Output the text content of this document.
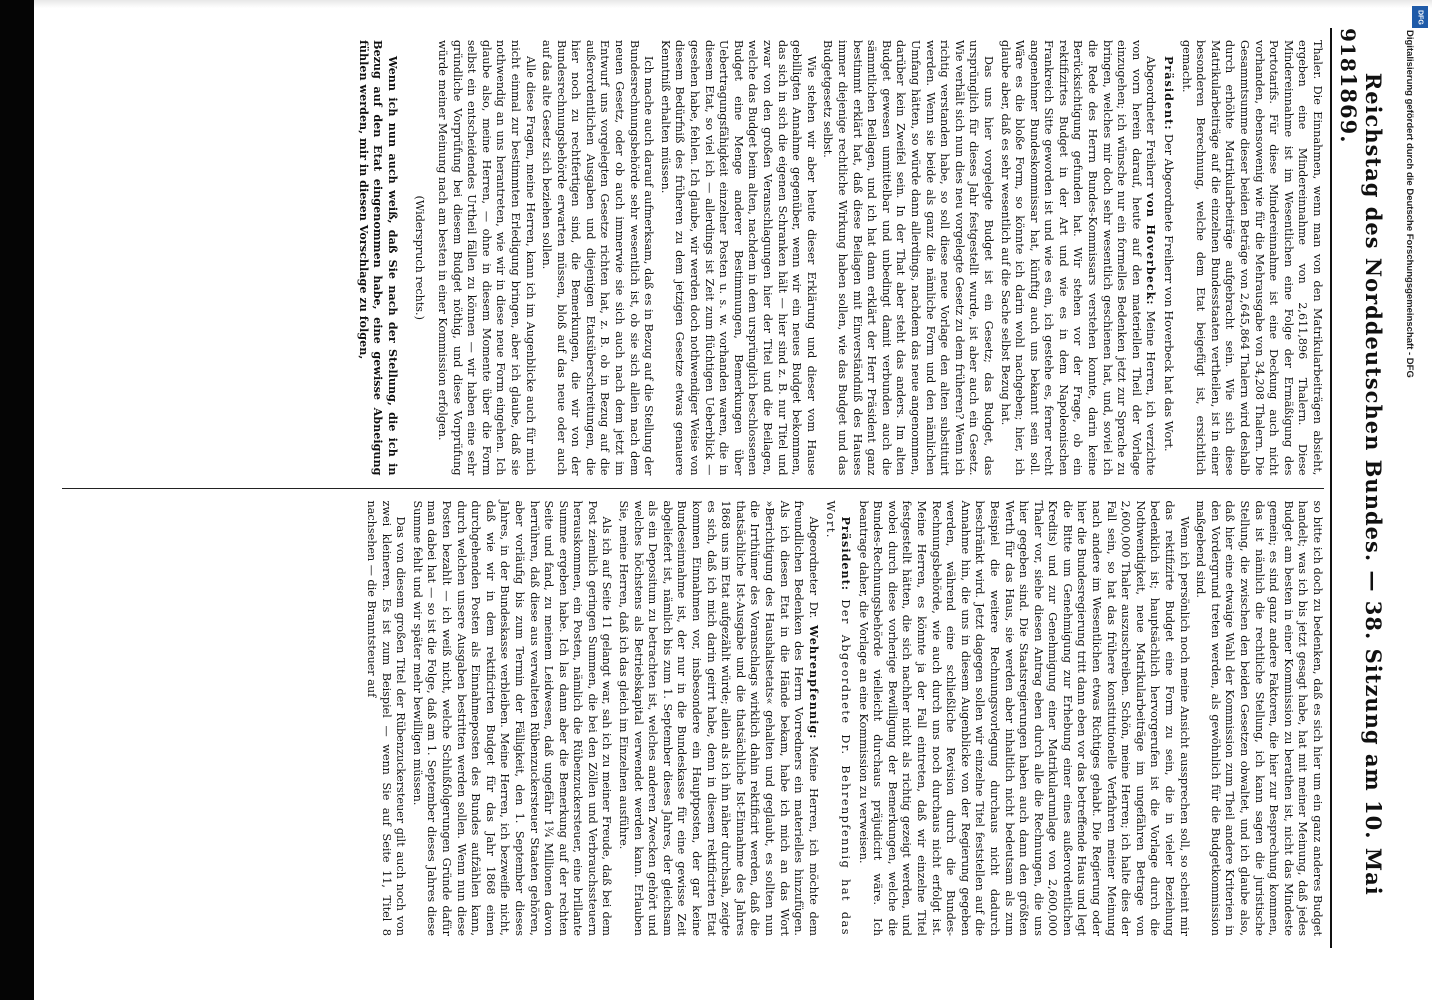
918
Reichstag des Norddeutschen Bundes. — 38. Sitzung am 10. Mai 1869.

Thaler. Die Einnahmen, wenn man von den Matrikularbeiträgen absieht, ergeben eine Mindereinnahme von 2,611,896 Thalern. Diese Mindereinnahme ist im Wesentlichen eine Folge der Ermäßigung des Portotarifs. Für diese Mindereinnahme ist eine Deckung auch nicht vorhanden, ebensowenig wie für die Mehrausgabe von 34,208 Thalern. Die Gesammtsumme dieser beiden Beträge von 2,645,864 Thalern wird deshalb durch erhöhte Matrikularbeiträge aufgebracht sein. Wie sich diese Matrikularbeiträge auf die einzelnen Bundesstaaten vertheilen, ist in einer besonderen Berechnung, welche dem Etat beigefügt ist, ersichtlich gemacht.

Präsident: Der Abgeordnete Freiherr von Hoverbeck hat das Wort.

Abgeordneter Freiherr von Hoverbeck: Meine Herren, ich verzichte von vorn herein darauf, heute auf den materiellen Theil der Vorlage einzugehen; ich wünsche nur ein formelles Bedenken jetzt zur Sprache zu bringen, welches mir doch sehr wesentlich geschienen hat, und, soviel ich die Rede des Herrn Bundes-Kommissars verstehen konnte, darin keine Berücksichtigung gefunden hat. Wir stehen vor der Frage, ob ein rektifizirtes Budget in der Art und wie es in dem Napoleonischen Frankreich Sitte geworden ist und wie es ein, ich gestehe es, ferner recht angenehmer Bundeskommissar hat, künftig auch uns bekannt sein soll. Wäre es die bloße Form, so könnte ich darin wohl nachgeben; hier, ich glaube aber, daß es sehr wesentlich auf die Sache selbst Bezug hat.

Das uns hier vorgelegte Budget ist ein Gesetz; das Budget, das ursprünglich für dieses Jahr festgestellt wurde, ist aber auch ein Gesetz. Wie verhält sich nun dies neu vorgelegte Gesetz zu dem früheren? Wenn ich richtig verstanden habe, so soll diese neue Vorlage den alten substituirt werden. Wenn sie beide als ganz die nämliche Form und den nämlichen Umfang hätten, so würde dann allerdings, nachdem das neue angenommen, darüber kein Zweifel sein. In der That aber steht das anders. Im alten Budget gewesen unmittelbar und unbedingt damit verbunden auch die sämmtlichen Beilagen, und ich hat dann erklärt der Herr Präsident ganz bestimmt erklärt hat, daß diese Beilagen mit Einverständniß des Hauses immer diejenige rechtliche Wirkung haben sollen, wie das Budget und das Budgetgesetz selbst.

Wie stehen wir aber heute dieser Erklärung und dieser vom Hause gebilligten Annahme gegenüber, wenn wir ein neues Budget bekommen, das sich in sich die eigenen Schranken hält — hier sind z. B. nur Titel und zwar von den großen Veranschlagungen hier der Titel und die Beilagen, welche das Budget beim alten, nachdem in dem ursprünglich beschlossenen Budget eine Menge anderer Bestimmungen, Bemerkungen über Uebertragungsfähigkeit einzelner Posten u. s. w. vorhanden waren, die in diesem Etat, so viel ich — allerdings ist Zeit zum flüchtigen Ueberblick — gesehen habe, fehlen. Ich glaube, wir werden doch nothwendiger Weise von diesem Bedürfniß des früheren zu dem jetzigen Gesetze etwas genauere Kenntniß erhalten müssen.

Ich mache auch darauf aufmerksam, daß es in Bezug auf die Stellung der Bundesrechnungsbehörde sehr wesentlich ist, ob sie sich allein nach dem neuen Gesetz, oder ob auch immerwie sie sich auch nach dem jetzt im Entwurf uns vorgelegten Gesetze richten hat, z. B. ob in Bezug auf die außerordentlichen Ausgaben und diejenigen Etatsüberschreitungen, die hier noch zu rechtfertigen sind, die Bemerkungen, die wir von der Bundesrechnungsbehörde erwarten müssen, bloß auf das neue oder auch auf das alte Gesetz sich beziehen sollen.

Alle diese Fragen, meine Herren, kann ich im Augenblicke auch für mich nicht einmal zur bestimmten Erledigung bringen, aber ich glaube, daß sie nothwendig an uns herantreten, wie wir in diese neue Form eingehen. Ich glaube also, meine Herren, — ohne in diesem Momente über die Form selbst ein entscheidendes Urtheil fällen zu können — wir haben eine sehr gründliche Vorprüfung bei diesem Budget nöthig, und diese Vorprüfung würde meiner Meinung nach am besten in einer Kommission erfolgen.

(Widerspruch rechts.)

Wenn ich nun auch weiß, daß Sie nach der Stellung, die ich in Bezug auf den Etat eingenommen habe, eine gewisse Abneigung fühlen werden, mir in diesen Vorschlage zu folgen,

so bitte ich doch zu bedenken, daß es sich hier um ein ganz anderes Budget handelt; was ich bis jetzt gesagt habe, hat mit meiner Meinung, daß jedes Budget am besten in einer Kommission zu berathen ist, nicht das Mindeste gemein; es sind ganz andere Faktoren, die hier zur Besprechung kommen, das ist nämlich die rechtliche Stellung, ich kann sagen die juristische Stellung, die zwischen den beiden Gesetzen obwaltet, und ich glaube also, daß hier eine etwaige Wahl der Kommission zum Theil andere Kriterien in den Vordergrund treten werden, als gewöhnlich für die Budgetkommission maßgebend sind.

Wenn ich persönlich noch meine Ansicht aussprechen soll, so scheint mir das rektifizirte Budget eine Form zu sein, die in vieler Beziehung bedenklich ist; hauptsächlich hervorgerufen ist die Vorlage durch die Nothwendigkeit, neue Matrikularbeiträge im ungefähren Betrage von 2,600,000 Thaler auszuschreiben. Schön, meine Herren; ich halte dies der Fall sein, so hat das frühere konstitutionelle Verfahren meiner Meinung nach andere im Wesentlichen etwas Richtiges gehabt. Die Regierung oder hier die Bundesregierung tritt dann eben vor das betreffende Haus und legt die Bitte um Genehmigung zur Erhebung einer eines außerordentlichen Kredits) und zur Genehmigung einer Matrikularumlage von 2,600,000 Thaler vor, siehe diesen Antrag eben durch alle die Rechnungen, die uns hier gegeben sind. Die Staatsregierungen haben auch dann den größten Werth für das Haus, sie werden aber inhaltlich nicht bedeutsam als zum Beispiel die weitere Rechnungsvorlegung durchaus nicht dadurch beschränkt wird. Jetzt dagegen sollen wir einzelne Titel feststellen auf die Annahme hin, die uns in diesem Augenblicke von der Regierung gegeben werden, während eine schließliche Revision durch die Bundes-Rechnungsbehörde, wie auch durch uns noch durchaus nicht erfolgt ist. Meine Herren, es könnte ja der Fall eintreten, daß wir einzelne Titel festgestellt hätten, die sich nachher nicht als richtig gezeigt werden, und wobei durch diese vorherige Bewilligung der Bemerkungen, welche die Bundes-Rechnungsbehörde vielleicht durchaus präjudicirt wäre. Ich beantrage daher, die Vorlage an eine Kommission zu verweisen.

Präsident: Der Abgeordnete Dr. Behrenpfennig hat das Wort.

Abgeordneter Dr. Wehrenpfennig: Meine Herren, ich möchte dem freundlichen Bedenken des Herrn Vorredners ein materielles hinzufügen. Als ich diesen Etat in die Hände bekam, habe ich mich an das Wort »Berichtigung des Haushaltsetats« gehalten und geglaubt, es sollten nun die Irrthümer des Voranschlags wirklich dahin rektificirt werden, daß die thatsächliche Ist-Ausgabe und die thatsächliche Ist-Einnahme des Jahres 1868 uns im Etat aufgezählt würde; allein als ich ihn näher durchsah, zeigte es sich, daß ich mich darin geirrt habe, denn in diesem rektificirten Etat kommen Einnahmen vor, insbesondere ein Hauptposten, der gar keine Bundeseinnahme ist, der nur in die Bundeskasse für eine gewisse Zeit abgeliefert ist, nämlich bis zum 1. September dieses Jahres, der gleichsam als ein Depositum zu betrachten ist, welches anderen Zwecken gehört und welches höchstens als Betriebskapital verwendet werden kann. Erlauben Sie, meine Herren, daß ich das gleich im Einzelnen ausführe.

Als ich auf Seite 11 gelangt war, sah ich zu meiner Freude, daß bei dem Post ziemlich geringen Summen, die bei den Zöllen und Verbrauchssteuern herauskommen, ein Posten, nämlich die Rübenzuckersteuer, eine brillante Summe ergeben habe. Ich las dann aber die Bemerkung auf der rechten Seite und fand, zu meinem Leidwesen, daß ungefähr 1¾ Millionen davon herrühren, daß diese aus verwalteten Rübenzuckersteuer Staaten gehören, aber vorläufig bis zum Termin der Fälligkeit, den 1. September dieses Jahres, in der Bundeskasse verbleiben. Meine Herren, ich bezweifle nicht, daß wie wir in dem rektificirten Budget für das Jahr 1868 einen durchgehenden Posten als Einnahmeposten des Bundes aufzählen kann, durch welchen unsere Ausgaben bestritten werden sollen. Wenn nun diese Posten bezahlt — ich weiß nicht, welche Schlußfolgerungen Gründe dafür man dabei hat — so ist die Folge, daß am 1. September dieses Jahres diese Summe fehlt und wir später mehr bewilligen müssen.

Das von diesem großen Titel der Rübenzuckersteuer gilt auch noch von zwei kleineren. Es ist zum Beispiel — wenn Sie auf Seite 11, Titel 8 nachsehen — die Branntsteuer auf

DFG
Digitalisierung gefördert durch die Deutsche Forschungsgemeinschaft - DFG
